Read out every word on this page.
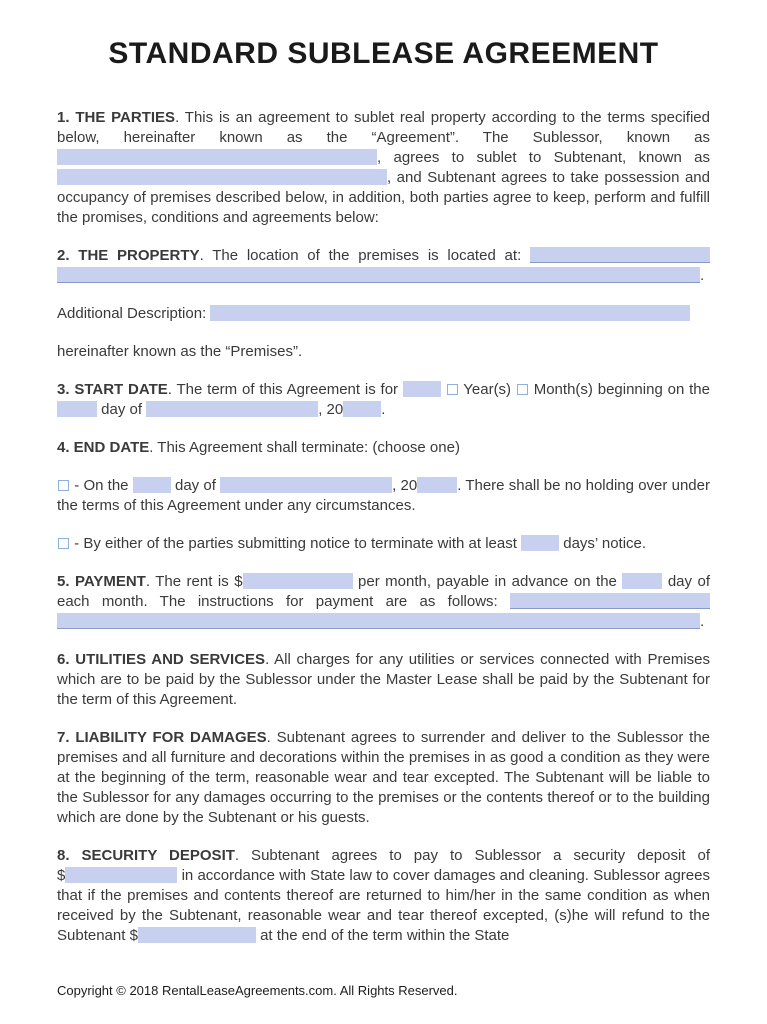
STANDARD SUBLEASE AGREEMENT

1. THE PARTIES. This is an agreement to sublet real property according to the terms specified below, hereinafter known as the “Agreement”. The Sublessor, known as , agrees to sublet to Subtenant, known as , and Subtenant agrees to take possession and occupancy of premises described below, in addition, both parties agree to keep, perform and fulfill the promises, conditions and agreements below:

2. THE PROPERTY. The location of the premises is located at: .

Additional Description:

hereinafter known as the “Premises”.

3. START DATE. The term of this Agreement is for	Year(s)  Month(s) beginning on the  day of	, 20	.

4. END DATE. This Agreement shall terminate: (choose one)

- On the	day of	, 20	. There shall be no holding over under the terms of this Agreement under any circumstances.

- By either of the parties submitting notice to terminate with at least	days’ notice.

5. PAYMENT. The rent is $	per month, payable in advance on the	day of each month. The instructions for payment are as follows: .

6. UTILITIES AND SERVICES. All charges for any utilities or services connected with Premises which are to be paid by the Sublessor under the Master Lease shall be paid by the Subtenant for the term of this Agreement.

7. LIABILITY FOR DAMAGES. Subtenant agrees to surrender and deliver to the Sublessor the premises and all furniture and decorations within the premises in as good a condition as they were at the beginning of the term, reasonable wear and tear excepted. The Subtenant will be liable to the Sublessor for any damages occurring to the premises or the contents thereof or to the building which are done by the Subtenant or his guests.

8. SECURITY DEPOSIT. Subtenant agrees to pay to Sublessor a security deposit of $	in accordance with State law to cover damages and cleaning. Sublessor agrees that if the premises and contents thereof are returned to him/her in the same condition as when received by the Subtenant, reasonable wear and tear thereof excepted, (s)he will refund to the Subtenant $	at the end of the term within the State

Copyright © 2018 RentalLeaseAgreements.com. All Rights Reserved.
